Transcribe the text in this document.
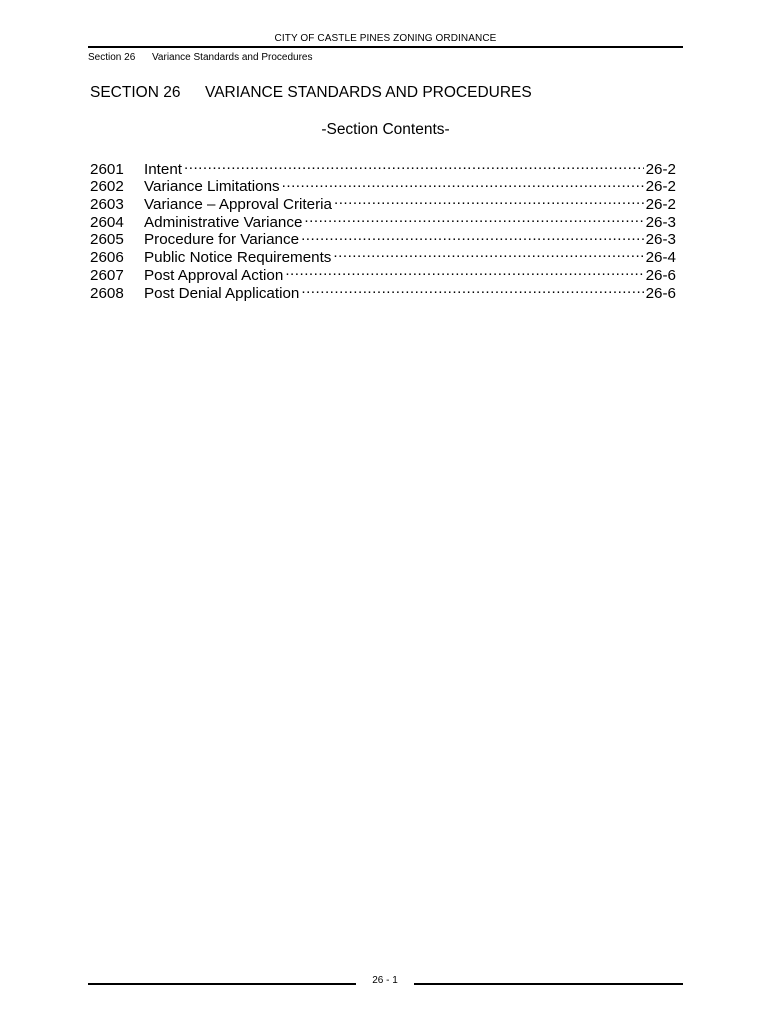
CITY OF CASTLE PINES ZONING ORDINANCE
Section 26 Variance Standards and Procedures
SECTION 26 VARIANCE STANDARDS AND PROCEDURES
-Section Contents-
2601	Intent .....	26-2
2602	Variance Limitations .....	26-2
2603	Variance – Approval Criteria .....	26-2
2604	Administrative Variance .....	26-3
2605	Procedure for Variance .....	26-3
2606	Public Notice Requirements .....	26-4
2607	Post Approval Action .....	26-6
2608	Post Denial Application .....	26-6
26 - 1
